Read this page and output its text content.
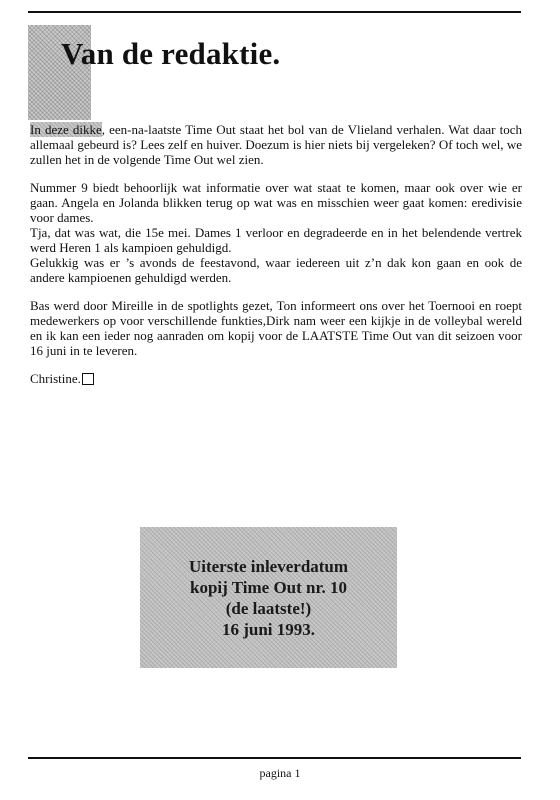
Van de redaktie.

In deze dikke, een-na-laatste Time Out staat het bol van de Vlieland verhalen. Wat daar toch allemaal gebeurd is? Lees zelf en huiver. Doezum is hier niets bij vergeleken? Of toch wel, we zullen het in de volgende Time Out wel zien.

Nummer 9 biedt behoorlijk wat informatie over wat staat te komen, maar ook over wie er gaan. Angela en Jolanda blikken terug op wat was en misschien weer gaat komen: eredivisie voor dames.

Tja, dat was wat, die 15e mei. Dames 1 verloor en degradeerde en in het belendende vertrek werd Heren 1 als kampioen gehuldigd.

Gelukkig was er ’s avonds de feestavond, waar iedereen uit z’n dak kon gaan en ook de andere kampioenen gehuldigd werden.

Bas werd door Mireille in de spotlights gezet, Ton informeert ons over het Toernooi en roept medewerkers op voor verschillende funkties,Dirk nam weer een kijkje in de volleybal wereld en ik kan een ieder nog aanraden om kopij voor de LAATSTE Time Out van dit seizoen voor 16 juni in te leveren.

Christine.

Uiterste inleverdatum
kopij Time Out nr. 10
(de laatste!)
16 juni 1993.
pagina 1
